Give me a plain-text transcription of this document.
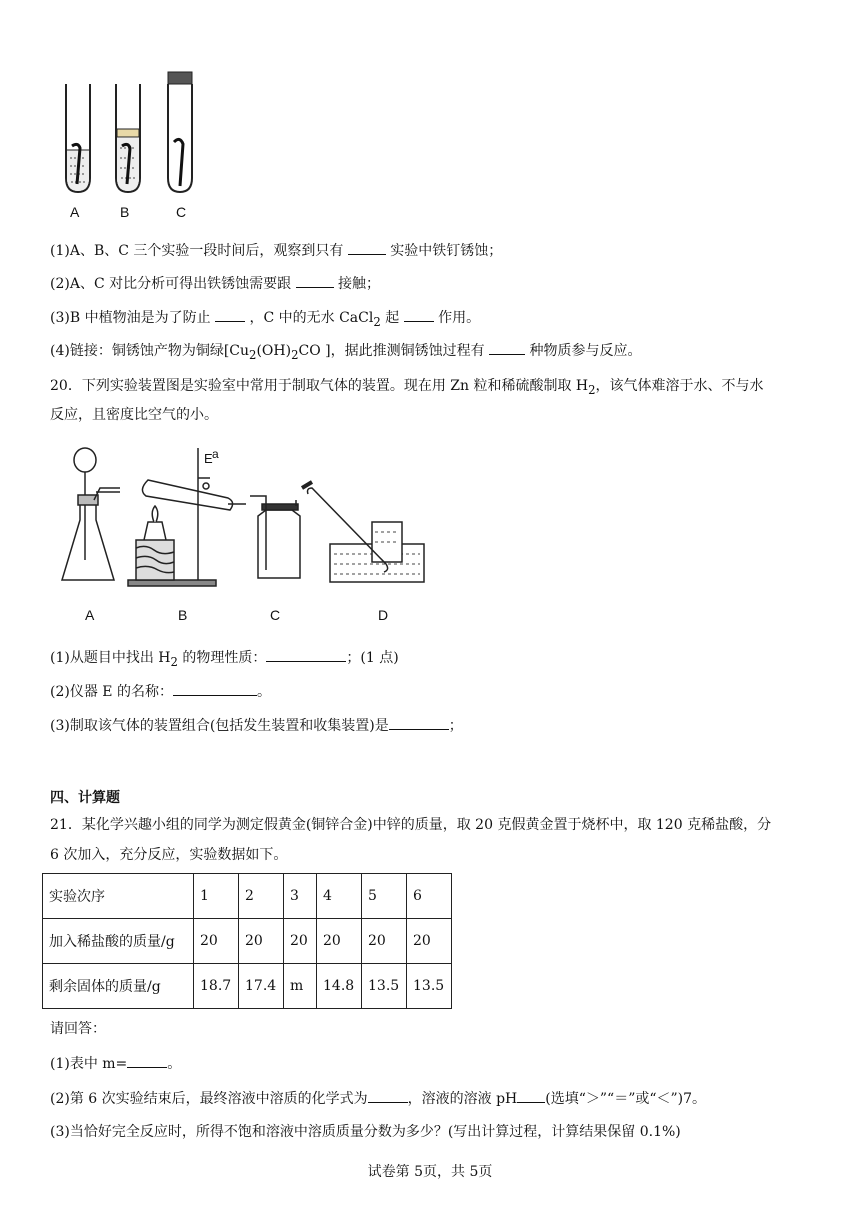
A	B	C
(1)A、B、C 三个实验一段时间后，观察到只有	实验中铁钉锈蚀；
(2)A、C 对比分析可得出铁锈蚀需要跟	接触；
(3)B 中植物油是为了防止  ，C 中的无水 CaCl$_2$ 起  作用。
(4)链接：铜锈蚀产物为铜绿[$Cu_2(OH)_2CO$ ]，据此推测铜锈蚀过程有	种物质参与反应。
20．下列实验装置图是实验室中常用于制取气体的装置。现在用 Zn 粒和稀硫酸制取 $H_2$，该气体难溶于水、不与水
反应，且密度比空气的小。
E a
A	B	C	D
(1)从题目中找出 $H_2$ 的物理性质：	；(1 点)
(2)仪器 E 的名称：	。
(3)制取该气体的装置组合(包括发生装置和收集装置)是	；
四、计算题
21．某化学兴趣小组的同学为测定假黄金(铜锌合金)中锌的质量，取 20 克假黄金置于烧杯中，取 120 克稀盐酸，分
6 次加入，充分反应，实验数据如下。
实验次序	1	2	3	4	5	6
加入稀盐酸的质量/g	20	20	20	20	20	20
剩余固体的质量/g	18.7	17.4	m	14.8	13.5	13.5
请回答：
(1)表中 m=	。
(2)第 6 次实验结束后，最终溶液中溶质的化学式为	，溶液的溶液 pH (选填“＞”“＝”或“＜”)7。
(3)当恰好完全反应时，所得不饱和溶液中溶质质量分数为多少？(写出计算过程，计算结果保留 0.1%)
试卷第 5页，共 5页
